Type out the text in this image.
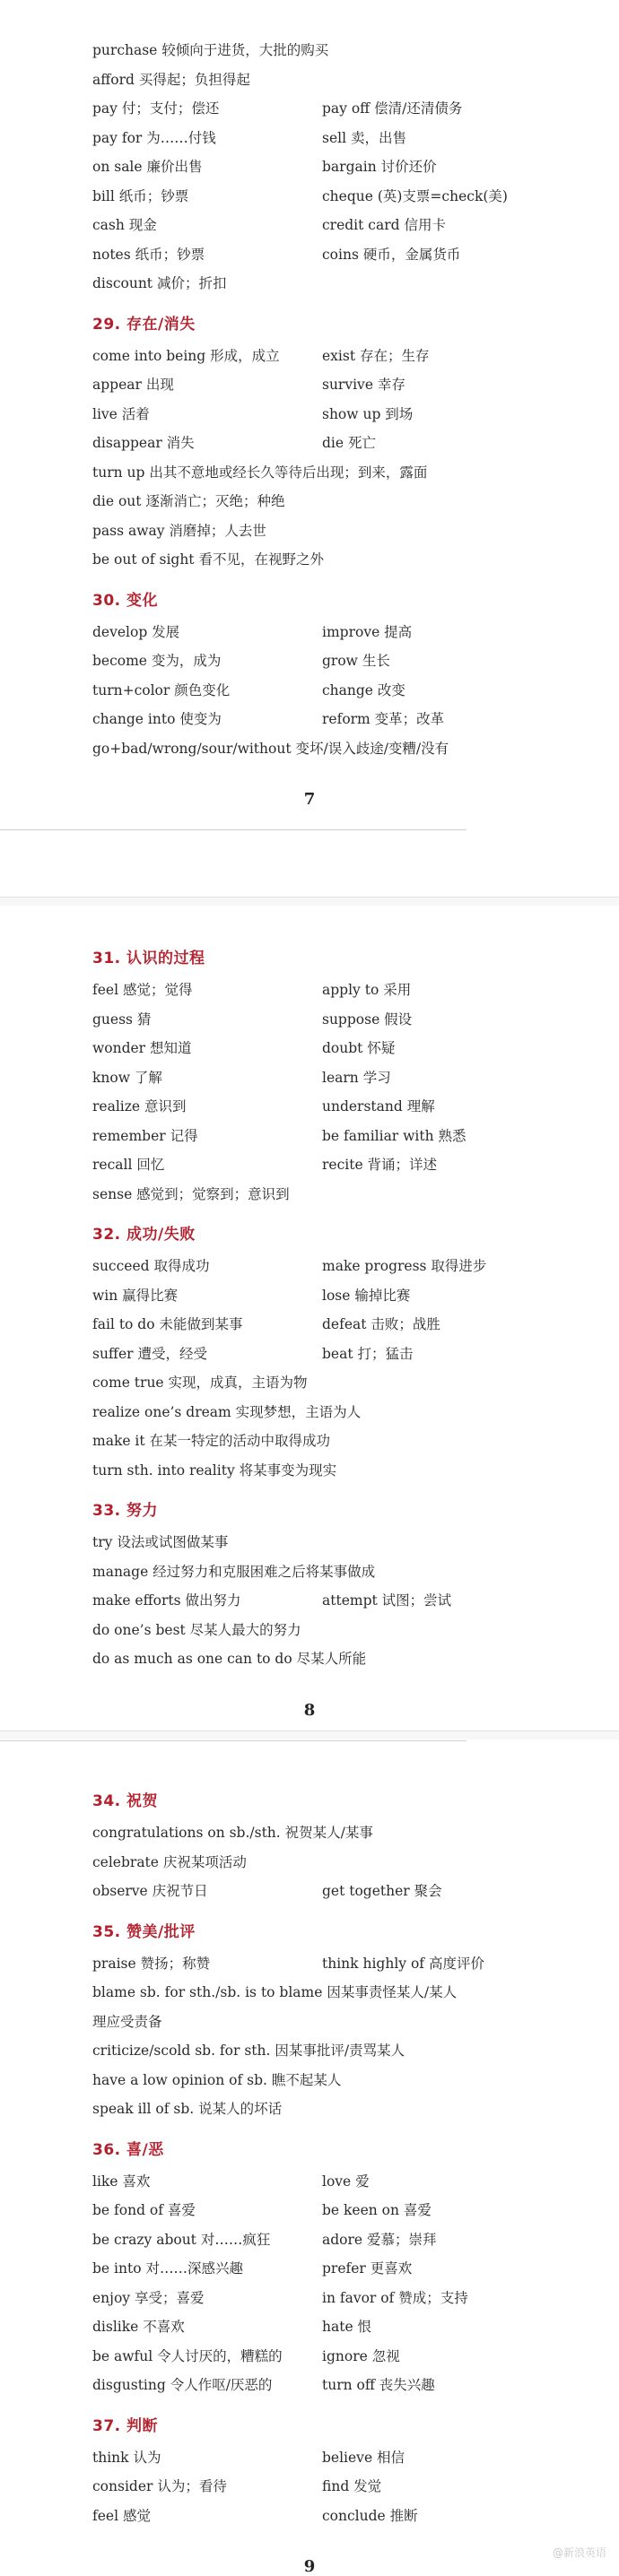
purchase 较倾向于进货，大批的购买
afford 买得起；负担得起
pay 付；支付；偿还	pay off 偿清/还清债务
pay for 为……付钱	sell 卖，出售
on sale 廉价出售	bargain 讨价还价
bill 纸币；钞票	cheque (英)支票=check(美)
cash 现金	credit card 信用卡
notes 纸币；钞票	coins 硬币，金属货币
discount 减价；折扣
29. 存在/消失
come into being 形成，成立	exist 存在；生存
appear 出现	survive 幸存
live 活着	show up 到场
disappear 消失	die 死亡
turn up 出其不意地或经长久等待后出现；到来，露面
die out 逐渐消亡；灭绝；种绝
pass away 消磨掉；人去世
be out of sight 看不见，在视野之外
30. 变化
develop 发展	improve 提高
become 变为，成为	grow 生长
turn+color 颜色变化	change 改变
change into 使变为	reform 变革；改革
go+bad/wrong/sour/without 变坏/误入歧途/变糟/没有
7
31. 认识的过程
feel 感觉；觉得	apply to 采用
guess 猜	suppose 假设
wonder 想知道	doubt 怀疑
know 了解	learn 学习
realize 意识到	understand 理解
remember 记得	be familiar with 熟悉
recall 回忆	recite 背诵；详述
sense 感觉到；觉察到；意识到
32. 成功/失败
succeed 取得成功	make progress 取得进步
win 赢得比赛	lose 输掉比赛
fail to do 未能做到某事	defeat 击败；战胜
suffer 遭受，经受	beat 打；猛击
come true 实现，成真，主语为物
realize one’s dream 实现梦想，主语为人
make it 在某一特定的活动中取得成功
turn sth. into reality 将某事变为现实
33. 努力
try 设法或试图做某事
manage 经过努力和克服困难之后将某事做成
make efforts 做出努力	attempt 试图；尝试
do one’s best 尽某人最大的努力
do as much as one can to do 尽某人所能
8
34. 祝贺
congratulations on sb./sth. 祝贺某人/某事
celebrate 庆祝某项活动
observe 庆祝节日	get together 聚会
35. 赞美/批评
praise 赞扬；称赞	think highly of 高度评价
blame sb. for sth./sb. is to blame 因某事责怪某人/某人
理应受责备
criticize/scold sb. for sth. 因某事批评/责骂某人
have a low opinion of sb. 瞧不起某人
speak ill of sb. 说某人的坏话
36. 喜/恶
like 喜欢	love 爱
be fond of 喜爱	be keen on 喜爱
be crazy about 对……疯狂	adore 爱慕；崇拜
be into 对……深感兴趣	prefer 更喜欢
enjoy 享受；喜爱	in favor of 赞成；支持
dislike 不喜欢	hate 恨
be awful 令人讨厌的，糟糕的	ignore 忽视
disgusting 令人作呕/厌恶的	turn off 丧失兴趣
37. 判断
think 认为	believe 相信
consider 认为；看待	find 发觉
feel 感觉	conclude 推断
9
@新浪英语
